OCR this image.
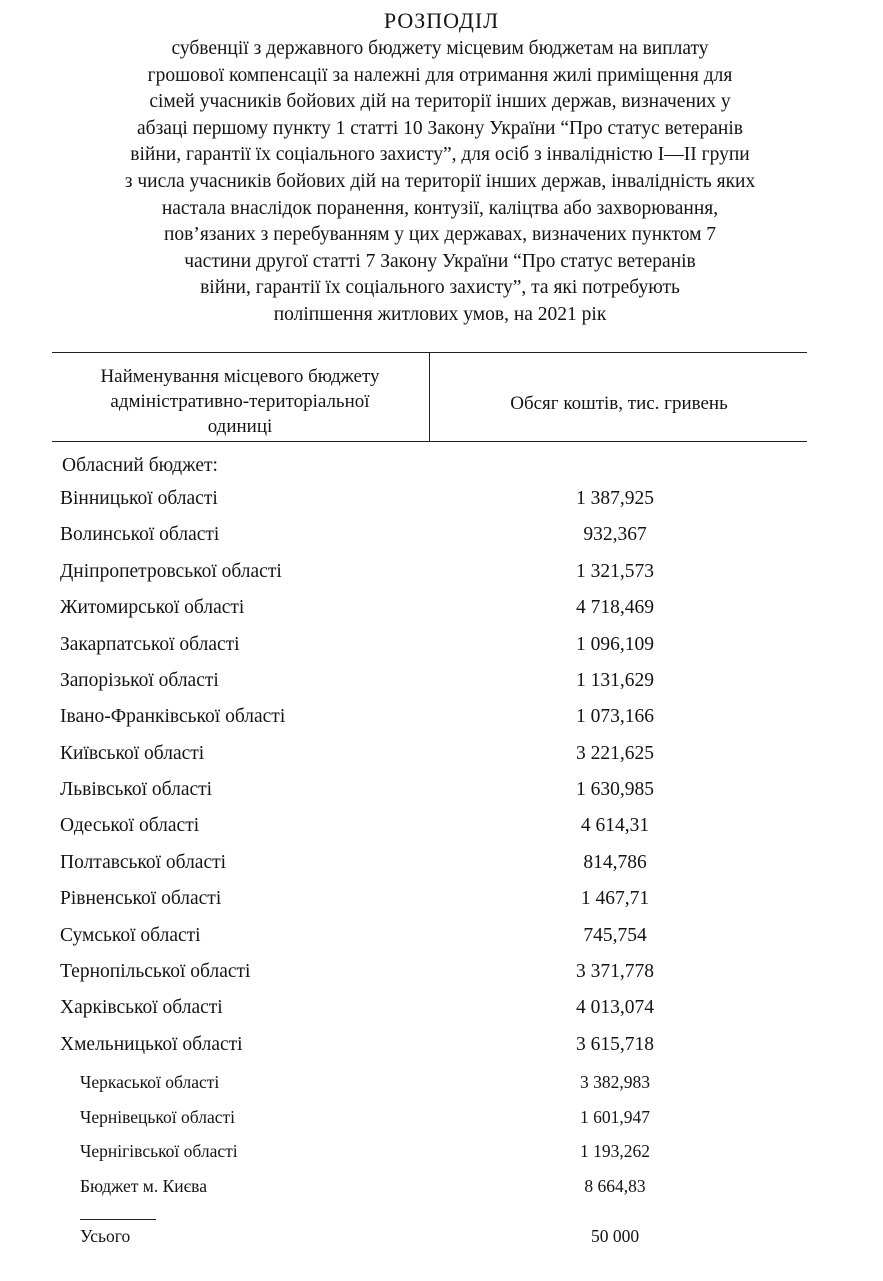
РОЗПОДІЛ
субвенції з державного бюджету місцевим бюджетам на виплату
грошової компенсації за належні для отримання жилі приміщення для
сімей учасників бойових дій на території інших держав, визначених у
абзаці першому пункту 1 статті 10 Закону України “Про статус ветеранів
війни, гарантії їх соціального захисту”, для осіб з інвалідністю I—II групи
з числа учасників бойових дій на території інших держав, інвалідність яких
настала внаслідок поранення, контузії, каліцтва або захворювання,
пов’язаних з перебуванням у цих державах, визначених пунктом 7
частини другої статті 7 Закону України “Про статус ветеранів
війни, гарантії їх соціального захисту”, та які потребують
поліпшення житлових умов, на 2021 рік
Найменування місцевого бюджету
адміністративно-територіальної
одиниці
Обсяг коштів, тис. гривень
Обласний бюджет:
Вінницької області	1 387,925
Волинської області	932,367
Дніпропетровської області	1 321,573
Житомирської області	4 718,469
Закарпатської області	1 096,109
Запорізької області	1 131,629
Івано-Франківської області	1 073,166
Київської області	3 221,625
Львівської області	1 630,985
Одеської області	4 614,31
Полтавської області	814,786
Рівненської області	1 467,71
Сумської області	745,754
Тернопільської області	3 371,778
Харківської області	4 013,074
Хмельницької області	3 615,718
Черкаської області	3 382,983
Чернівецької області	1 601,947
Чернігівської області	1 193,262
Бюджет м. Києва	8 664,83
Усього	50 000
